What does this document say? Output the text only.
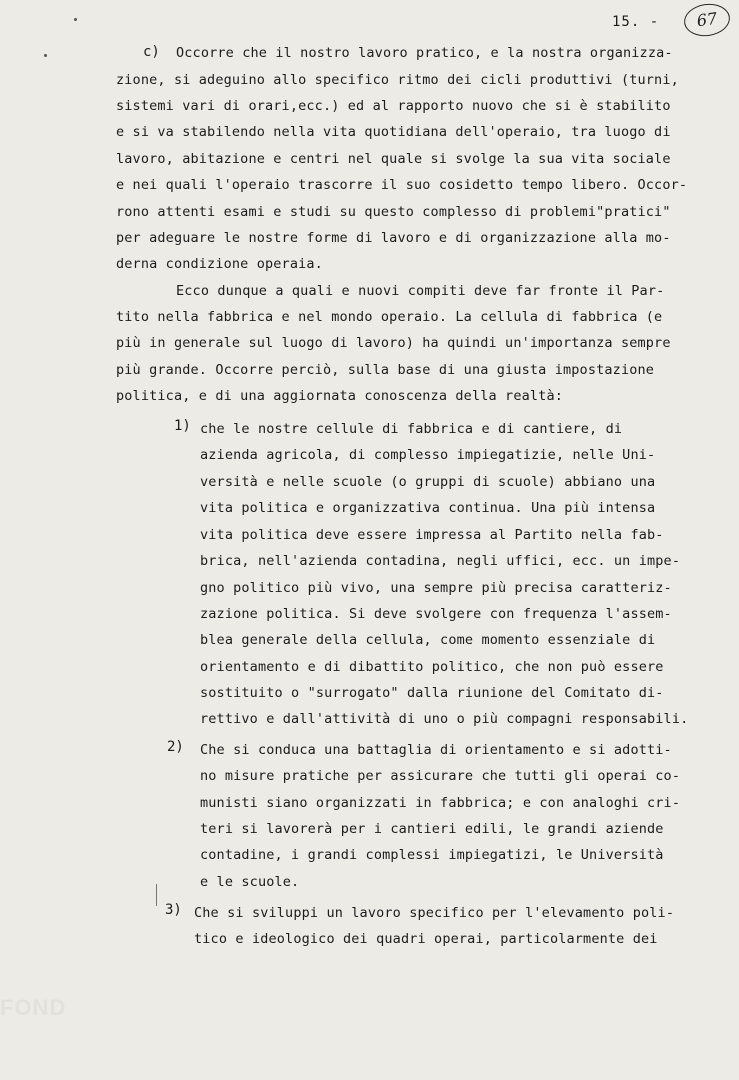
15. -	67
c) Occorre che il nostro lavoro pratico, e la nostra organizza-
zione, si adeguino allo specifico ritmo dei cicli produttivi (turni,
sistemi vari di orari,ecc.) ed al rapporto nuovo che si è stabilito
e si va stabilendo nella vita quotidiana dell'operaio, tra luogo di
lavoro, abitazione e centri nel quale si svolge la sua vita sociale
e nei quali l'operaio trascorre il suo cosidetto tempo libero. Occor-
rono attenti esami e studi su questo complesso di problemi"pratici"
per adeguare le nostre forme di lavoro e di organizzazione alla mo-
derna condizione operaia.
Ecco dunque a quali e nuovi compiti deve far fronte il Par-
tito nella fabbrica e nel mondo operaio. La cellula di fabbrica (e
più in generale sul luogo di lavoro) ha quindi un'importanza sempre
più grande. Occorre perciò, sulla base di una giusta impostazione
politica, e di una aggiornata conoscenza della realtà:
1) che le nostre cellule di fabbrica e di cantiere, di
azienda agricola, di complesso impiegatizie, nelle Uni-
versità e nelle scuole (o gruppi di scuole) abbiano una
vita politica e organizzativa continua. Una più intensa
vita politica deve essere impressa al Partito nella fab-
brica, nell'azienda contadina, negli uffici, ecc. un impe-
gno politico più vivo, una sempre più precisa caratteriz-
zazione politica. Si deve svolgere con frequenza l'assem-
blea generale della cellula, come momento essenziale di
orientamento e di dibattito politico, che non può essere
sostituito o "surrogato" dalla riunione del Comitato di-
rettivo e dall'attività di uno o più compagni responsabili.
2) Che si conduca una battaglia di orientamento e si adotti-
no misure pratiche per assicurare che tutti gli operai co-
munisti siano organizzati in fabbrica; e con analoghi cri-
teri si lavorerà per i cantieri edili, le grandi aziende
contadine, i grandi complessi impiegatizi, le Università
e le scuole.
3) Che si sviluppi un lavoro specifico per l'elevamento poli-
tico e ideologico dei quadri operai, particolarmente dei
FOND
